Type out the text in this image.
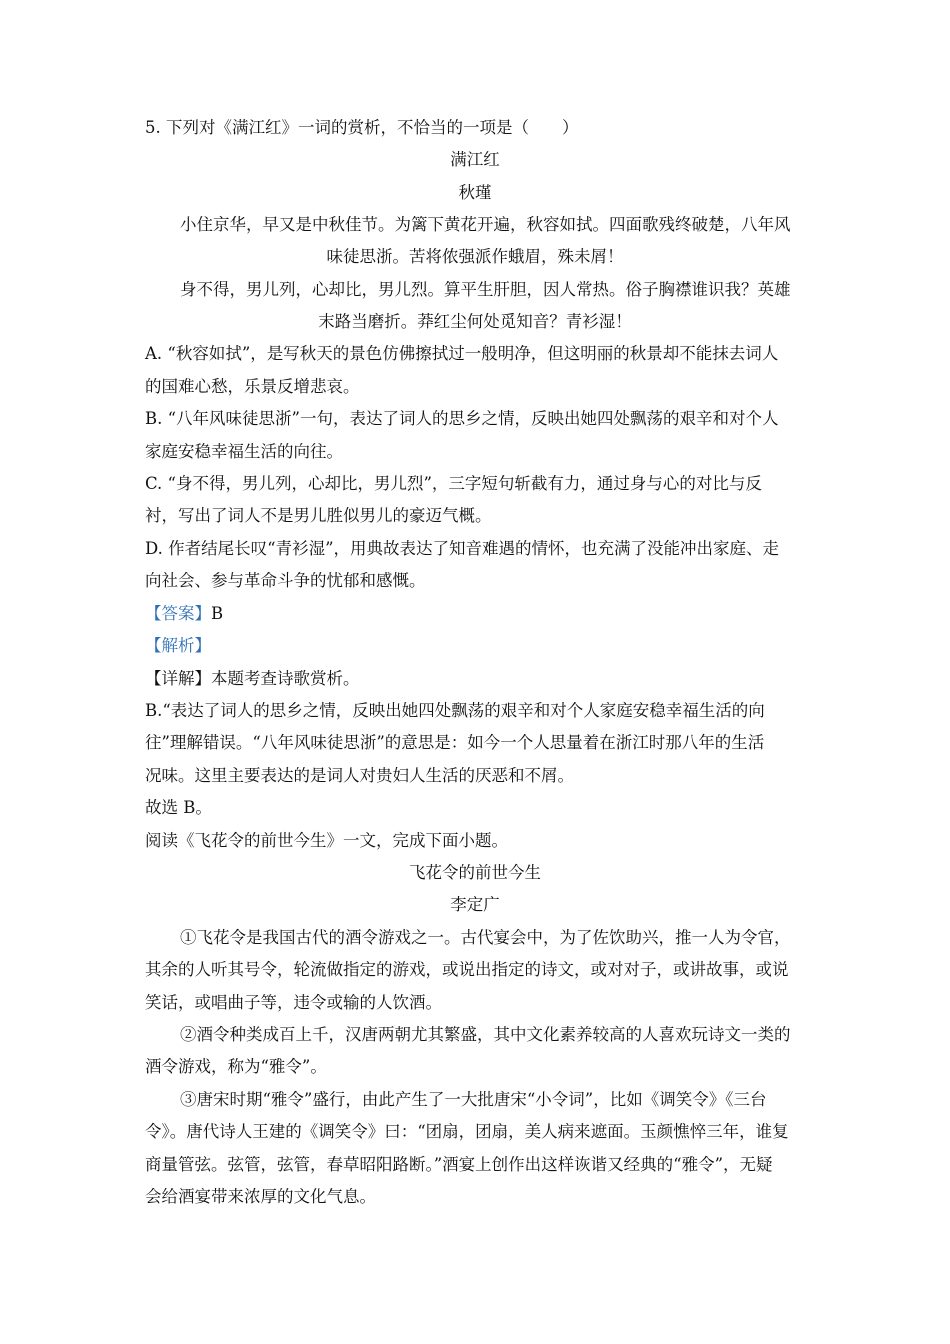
5. 下列对《满江红》一词的赏析，不恰当的一项是（　　）
满江红
秋瑾
小住京华，早又是中秋佳节。为篱下黄花开遍，秋容如拭。四面歌残终破楚，八年风
味徒思浙。苦将侬强派作蛾眉，殊未屑！
身不得，男儿列，心却比，男儿烈。算平生肝胆，因人常热。俗子胸襟谁识我？英雄
末路当磨折。莽红尘何处觅知音？青衫湿！
A. “秋容如拭”，是写秋天的景色仿佛擦拭过一般明净，但这明丽的秋景却不能抹去词人
的国难心愁，乐景反增悲哀。
B. “八年风味徒思浙”一句，表达了词人的思乡之情，反映出她四处飘荡的艰辛和对个人
家庭安稳幸福生活的向往。
C. “身不得，男儿列，心却比，男儿烈”，三字短句斩截有力，通过身与心的对比与反
衬，写出了词人不是男儿胜似男儿的豪迈气概。
D. 作者结尾长叹“青衫湿”，用典故表达了知音难遇的情怀，也充满了没能冲出家庭、走
向社会、参与革命斗争的忧郁和感慨。
【答案】B
【解析】
【详解】本题考查诗歌赏析。
B.“表达了词人的思乡之情，反映出她四处飘荡的艰辛和对个人家庭安稳幸福生活的向
往”理解错误。“八年风味徒思浙”的意思是：如今一个人思量着在浙江时那八年的生活
况味。这里主要表达的是词人对贵妇人生活的厌恶和不屑。
故选 B。
阅读《飞花令的前世今生》一文，完成下面小题。
飞花令的前世今生
李定广
①飞花令是我国古代的酒令游戏之一。古代宴会中，为了佐饮助兴，推一人为令官，
其余的人听其号令，轮流做指定的游戏，或说出指定的诗文，或对对子，或讲故事，或说
笑话，或唱曲子等，违令或输的人饮酒。
②酒令种类成百上千，汉唐两朝尤其繁盛，其中文化素养较高的人喜欢玩诗文一类的
酒令游戏，称为“雅令”。
③唐宋时期“雅令”盛行，由此产生了一大批唐宋“小令词”，比如《调笑令》《三台
令》。唐代诗人王建的《调笑令》曰：“团扇，团扇，美人病来遮面。玉颜憔悴三年，谁复
商量管弦。弦管，弦管，春草昭阳路断。”酒宴上创作出这样诙谐又经典的“雅令”，无疑
会给酒宴带来浓厚的文化气息。
